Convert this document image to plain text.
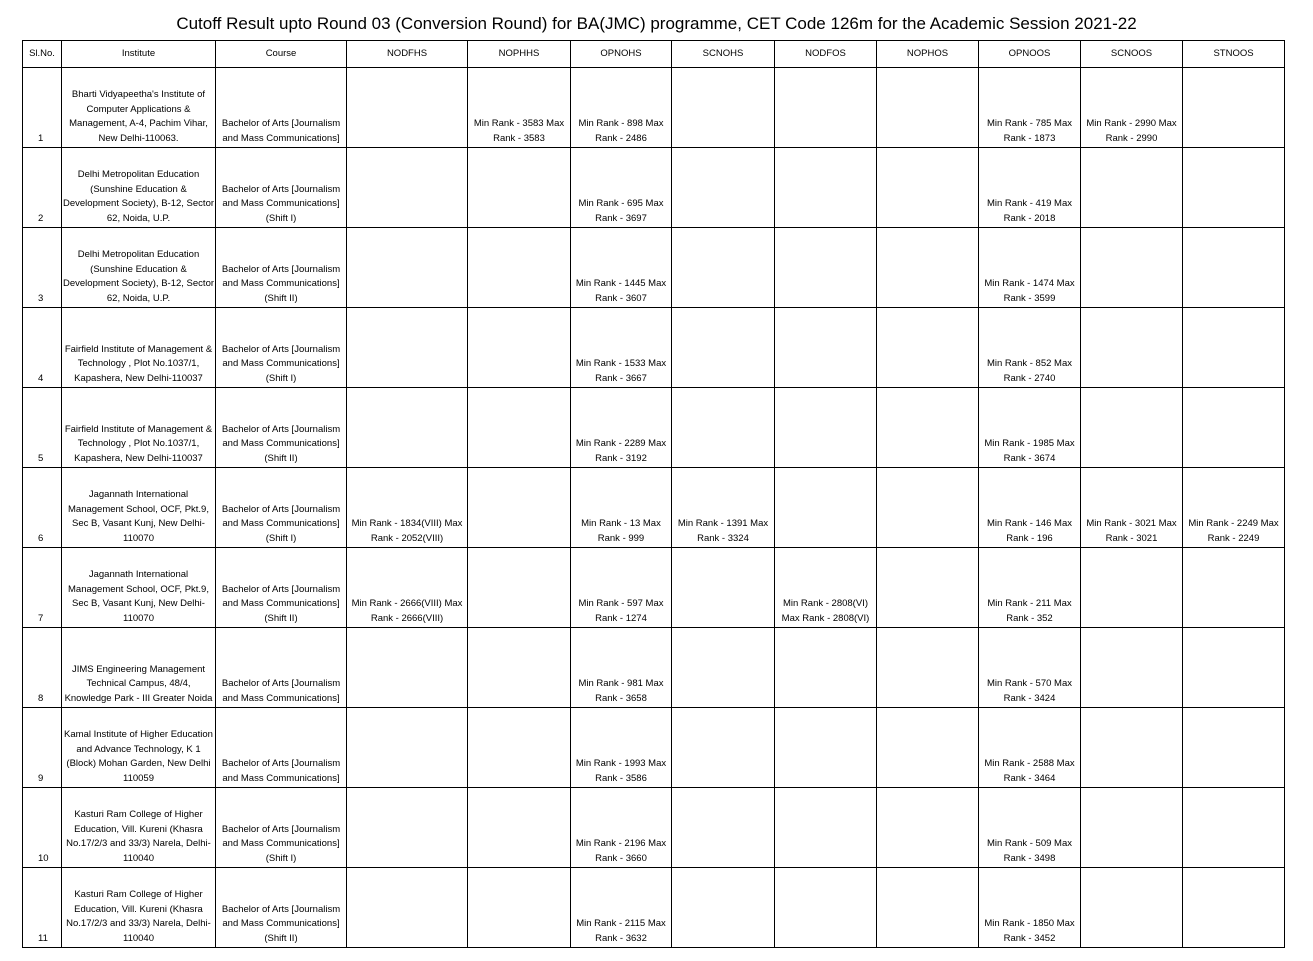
Cutoff Result upto Round 03 (Conversion Round) for BA(JMC) programme, CET Code 126m for the Academic Session 2021-22
Sl.No.	Institute	Course	NODFHS	NOPHHS	OPNOHS	SCNOHS	NODFOS	NOPHOS	OPNOOS	SCNOOS	STNOOS
1	Bharti Vidyapeetha's Institute of Computer Applications & Management, A-4, Pachim Vihar, New Delhi-110063.	Bachelor of Arts [Journalism and Mass Communications]		Min Rank - 3583 Max Rank - 3583	Min Rank - 898 Max Rank - 2486				Min Rank - 785 Max Rank - 1873	Min Rank - 2990 Max Rank - 2990	
2	Delhi Metropolitan Education (Sunshine Education & Development Society), B-12, Sector 62, Noida, U.P.	Bachelor of Arts [Journalism and Mass Communications] (Shift I)			Min Rank - 695 Max Rank - 3697				Min Rank - 419 Max Rank - 2018		
3	Delhi Metropolitan Education (Sunshine Education & Development Society), B-12, Sector 62, Noida, U.P.	Bachelor of Arts [Journalism and Mass Communications] (Shift II)			Min Rank - 1445 Max Rank - 3607				Min Rank - 1474 Max Rank - 3599		
4	Fairfield Institute of Management & Technology , Plot No.1037/1, Kapashera, New Delhi-110037	Bachelor of Arts [Journalism and Mass Communications] (Shift I)			Min Rank - 1533 Max Rank - 3667				Min Rank - 852 Max Rank - 2740		
5	Fairfield Institute of Management & Technology , Plot No.1037/1, Kapashera, New Delhi-110037	Bachelor of Arts [Journalism and Mass Communications] (Shift II)			Min Rank - 2289 Max Rank - 3192				Min Rank - 1985 Max Rank - 3674		
6	Jagannath International Management School, OCF, Pkt.9, Sec B, Vasant Kunj, New Delhi-110070	Bachelor of Arts [Journalism and Mass Communications] (Shift I)	Min Rank - 1834(VIII) Max Rank - 2052(VIII)		Min Rank - 13 Max Rank - 999	Min Rank - 1391 Max Rank - 3324			Min Rank - 146 Max Rank - 196	Min Rank - 3021 Max Rank - 3021	Min Rank - 2249 Max Rank - 2249
7	Jagannath International Management School, OCF, Pkt.9, Sec B, Vasant Kunj, New Delhi-110070	Bachelor of Arts [Journalism and Mass Communications] (Shift II)	Min Rank - 2666(VIII) Max Rank - 2666(VIII)		Min Rank - 597 Max Rank - 1274		Min Rank - 2808(VI) Max Rank - 2808(VI)		Min Rank - 211 Max Rank - 352		
8	JIMS Engineering Management Technical Campus, 48/4, Knowledge Park - III Greater Noida	Bachelor of Arts [Journalism and Mass Communications]			Min Rank - 981 Max Rank - 3658				Min Rank - 570 Max Rank - 3424		
9	Kamal Institute of Higher Education and Advance Technology, K 1 (Block) Mohan Garden, New Delhi 110059	Bachelor of Arts [Journalism and Mass Communications]			Min Rank - 1993 Max Rank - 3586				Min Rank - 2588 Max Rank - 3464		
10	Kasturi Ram College of Higher Education, Vill. Kureni (Khasra No.17/2/3 and 33/3) Narela, Delhi-110040	Bachelor of Arts [Journalism and Mass Communications] (Shift I)			Min Rank - 2196 Max Rank - 3660				Min Rank - 509 Max Rank - 3498		
11	Kasturi Ram College of Higher Education, Vill. Kureni (Khasra No.17/2/3 and 33/3) Narela, Delhi-110040	Bachelor of Arts [Journalism and Mass Communications] (Shift II)			Min Rank - 2115 Max Rank - 3632				Min Rank - 1850 Max Rank - 3452		
